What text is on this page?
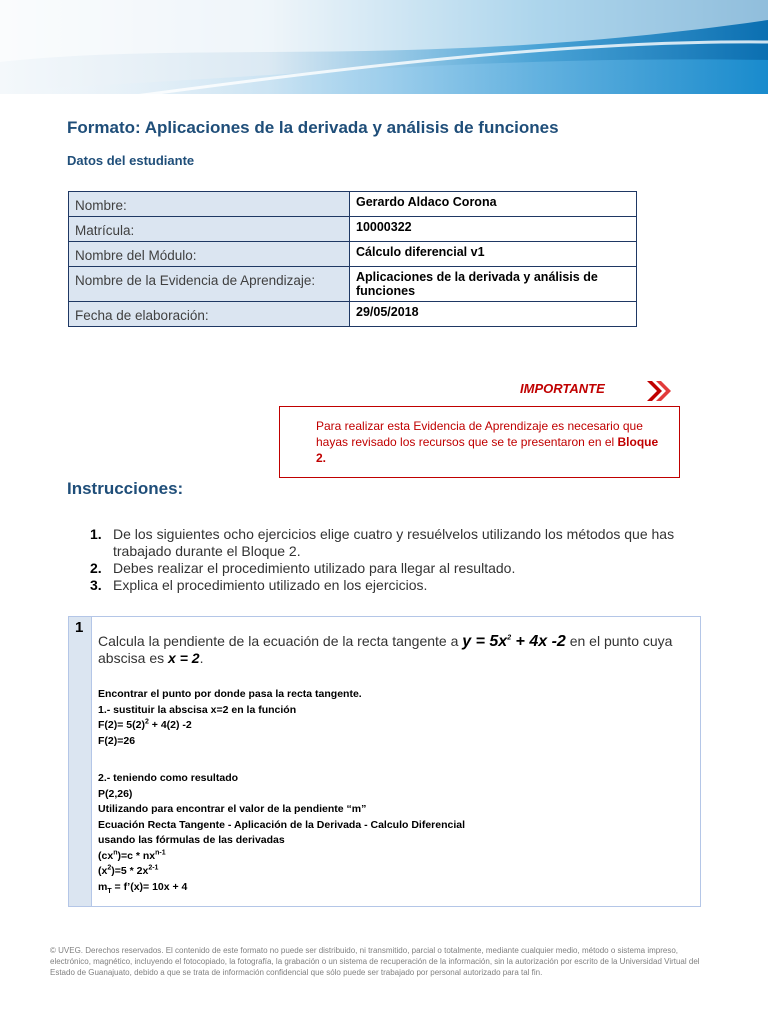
Formato: Aplicaciones de la derivada y análisis de funciones
Datos del estudiante
Nombre:	Gerardo Aldaco Corona
Matrícula:	10000322
Nombre del Módulo:	Cálculo diferencial v1
Nombre de la Evidencia de Aprendizaje:	Aplicaciones de la derivada y análisis de funciones
Fecha de elaboración:	29/05/2018
IMPORTANTE
Para realizar esta Evidencia de Aprendizaje es necesario que hayas revisado los recursos que se te presentaron en el Bloque 2.
Instrucciones:
1. De los siguientes ocho ejercicios elige cuatro y resuélvelos utilizando los métodos que has trabajado durante el Bloque 2.
2. Debes realizar el procedimiento utilizado para llegar al resultado.
3. Explica el procedimiento utilizado en los ejercicios.
1
Calcula la pendiente de la ecuación de la recta tangente a $y = 5x^2 + 4x$ -2 en el punto cuya abscisa es x = 2.
Encontrar el punto por donde pasa la recta tangente.
1.- sustituir la abscisa x=2 en la función
$F(2)= 5(2)^2 + 4(2)$ -2
F(2)=26
2.- teniendo como resultado
P(2,26)
Utilizando para encontrar el valor de la pendiente “m”
Ecuación Recta Tangente - Aplicación de la Derivada - Calculo Diferencial
usando las fórmulas de las derivadas
$(cx^n)=c * nx^{n-1}$
$(x^2)=5 * 2x^{2-1}$
$m_T$ = f’(x)= 10x + 4
© UVEG. Derechos reservados. El contenido de este formato no puede ser distribuido, ni transmitido, parcial o totalmente, mediante cualquier medio, método o sistema impreso, electrónico, magnético, incluyendo el fotocopiado, la fotografía, la grabación o un sistema de recuperación de la información, sin la autorización por escrito de la Universidad Virtual del Estado de Guanajuato, debido a que se trata de información confidencial que sólo puede ser trabajado por personal autorizado para tal fin.
